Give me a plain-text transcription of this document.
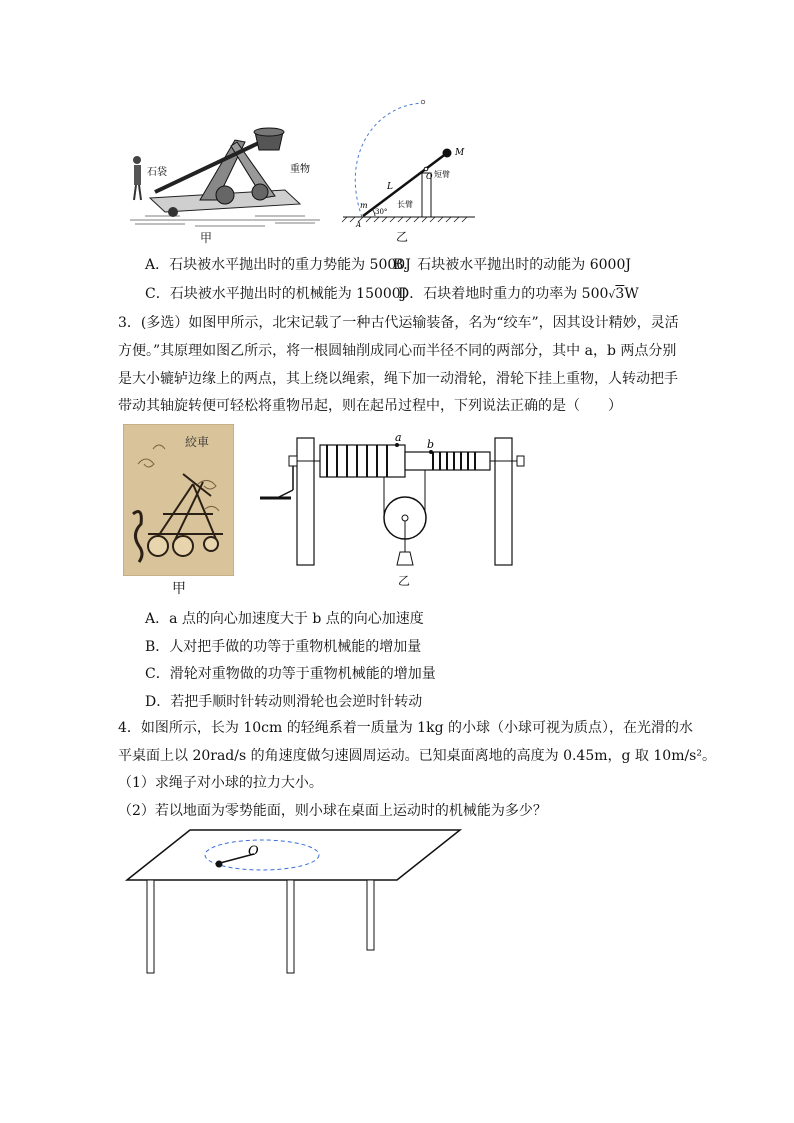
石袋	重物
甲
M
O 短臂
L
长臂
m
30°
A
乙
A．石块被水平抛出时的重力势能为 5000J
B．石块被水平抛出时的动能为 6000J
C．石块被水平抛出时的机械能为 15000J
D．石块着地时重力的功率为 500√3W
3．(多选）如图甲所示，北宋记载了一种古代运输装备，名为“绞车”，因其设计精妙，灵活
方便。”其原理如图乙所示，将一根圆轴削成同心而半径不同的两部分，其中 a，b 两点分别
是大小辘轳边缘上的两点，其上绕以绳索，绳下加一动滑轮，滑轮下挂上重物，人转动把手
带动其轴旋转便可轻松将重物吊起，则在起吊过程中，下列说法正确的是（　　）
絞車
甲
a
b
乙
A．a 点的向心加速度大于 b 点的向心加速度
B．人对把手做的功等于重物机械能的增加量
C．滑轮对重物做的功等于重物机械能的增加量
D．若把手顺时针转动则滑轮也会逆时针转动
4．如图所示，长为 10cm 的轻绳系着一质量为 1kg 的小球（小球可视为质点），在光滑的水
平桌面上以 20rad/s 的角速度做匀速圆周运动。已知桌面离地的高度为 0.45m，g 取 10m/s²。
（1）求绳子对小球的拉力大小。
（2）若以地面为零势能面，则小球在桌面上运动时的机械能为多少？
O
